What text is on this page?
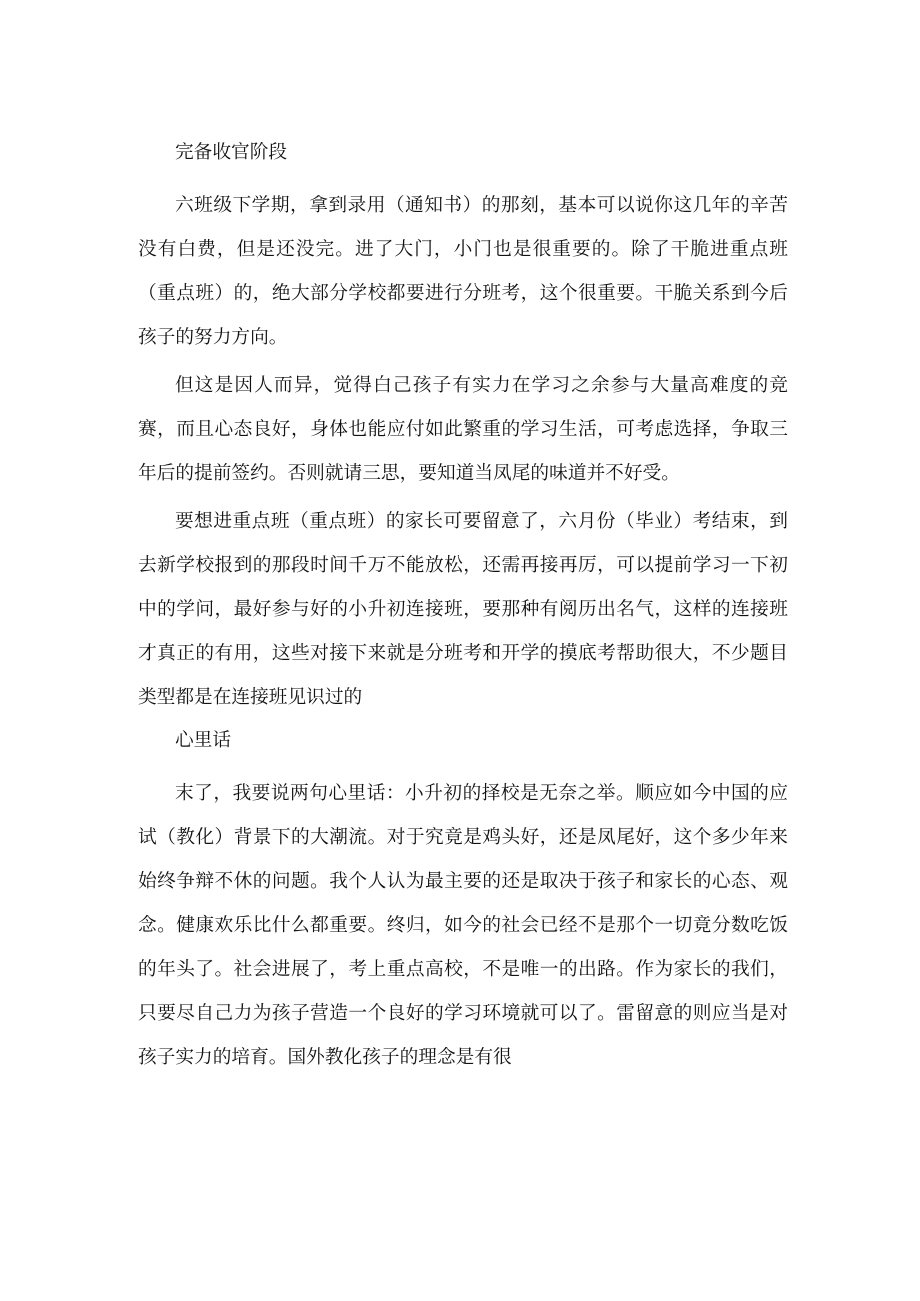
完备收官阶段

六班级下学期，拿到录用（通知书）的那刻，基本可以说你这几年的辛苦没有白费，但是还没完。进了大门，小门也是很重要的。除了干脆进重点班（重点班）的，绝大部分学校都要进行分班考，这个很重要。干脆关系到今后孩子的努力方向。

但这是因人而异，觉得白己孩子有实力在学习之余参与大量高难度的竞赛，而且心态良好，身体也能应付如此繁重的学习生活，可考虑选择，争取三年后的提前签约。否则就请三思，要知道当凤尾的味道并不好受。

要想进重点班（重点班）的家长可要留意了，六月份（毕业）考结束，到去新学校报到的那段时间千万不能放松，还需再接再厉，可以提前学习一下初中的学问，最好参与好的小升初连接班，要那种有阅历出名气，这样的连接班才真正的有用，这些对接下来就是分班考和开学的摸底考帮助很大，不少题目类型都是在连接班见识过的

心里话

末了，我要说两句心里话：小升初的择校是无奈之举。顺应如今中国的应试（教化）背景下的大潮流。对于究竟是鸡头好，还是凤尾好，这个多少年来始终争辩不休的问题。我个人认为最主要的还是取决于孩子和家长的心态、观念。健康欢乐比什么都重要。终归，如今的社会已经不是那个一切竟分数吃饭的年头了。社会进展了，考上重点高校，不是唯一的出路。作为家长的我们，只要尽自己力为孩子营造一个良好的学习环境就可以了。雷留意的则应当是对孩子实力的培育。国外教化孩子的理念是有很
